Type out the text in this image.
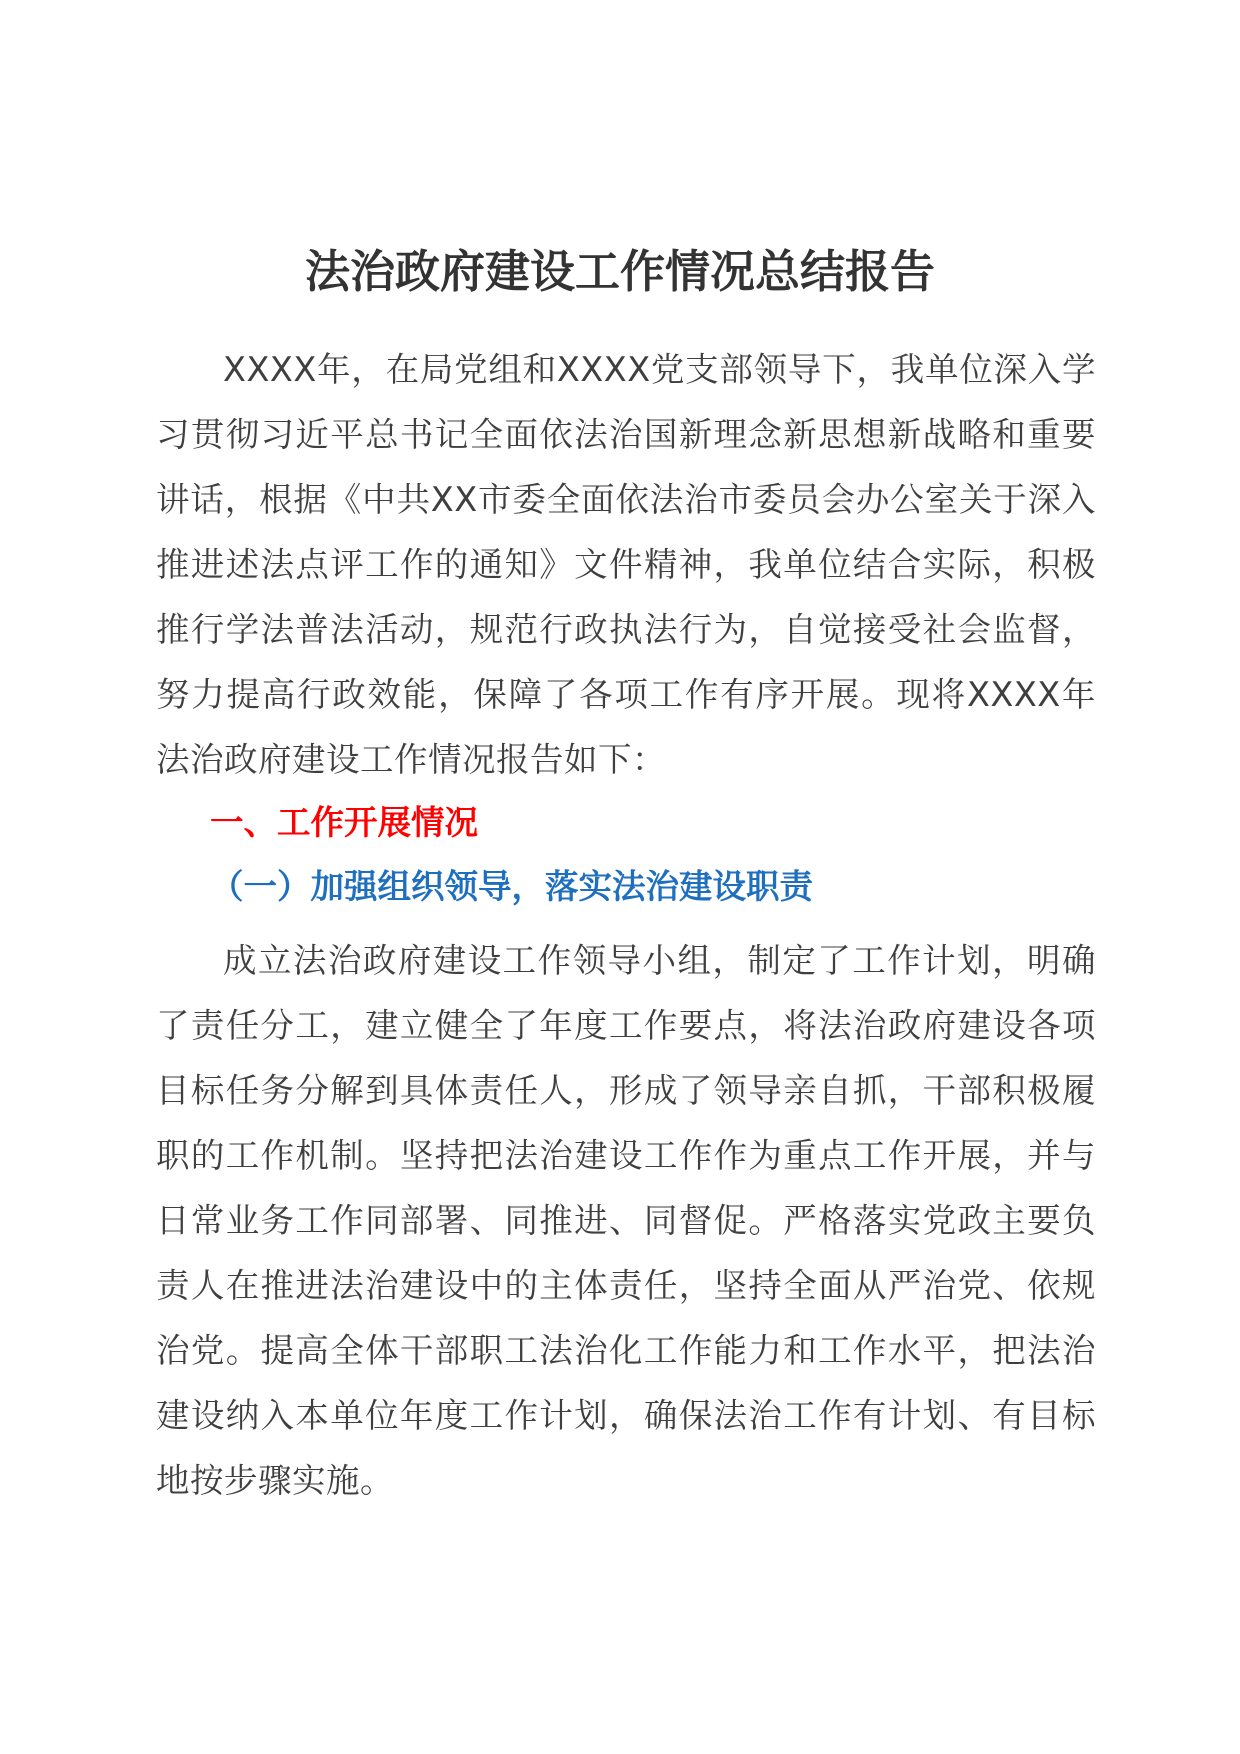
法治政府建设工作情况总结报告

XXXX年，在局党组和XXXX党支部领导下，我单位深入学习贯彻习近平总书记全面依法治国新理念新思想新战略和重要讲话，根据《中共XX市委全面依法治市委员会办公室关于深入推进述法点评工作的通知》文件精神，我单位结合实际，积极推行学法普法活动，规范行政执法行为，自觉接受社会监督，努力提高行政效能，保障了各项工作有序开展。现将XXXX年法治政府建设工作情况报告如下：

一、工作开展情况
（一）加强组织领导，落实法治建设职责

成立法治政府建设工作领导小组，制定了工作计划，明确了责任分工，建立健全了年度工作要点，将法治政府建设各项目标任务分解到具体责任人，形成了领导亲自抓，干部积极履职的工作机制。坚持把法治建设工作作为重点工作开展，并与日常业务工作同部署、同推进、同督促。严格落实党政主要负责人在推进法治建设中的主体责任，坚持全面从严治党、依规治党。提高全体干部职工法治化工作能力和工作水平，把法治建设纳入本单位年度工作计划，确保法治工作有计划、有目标地按步骤实施。
